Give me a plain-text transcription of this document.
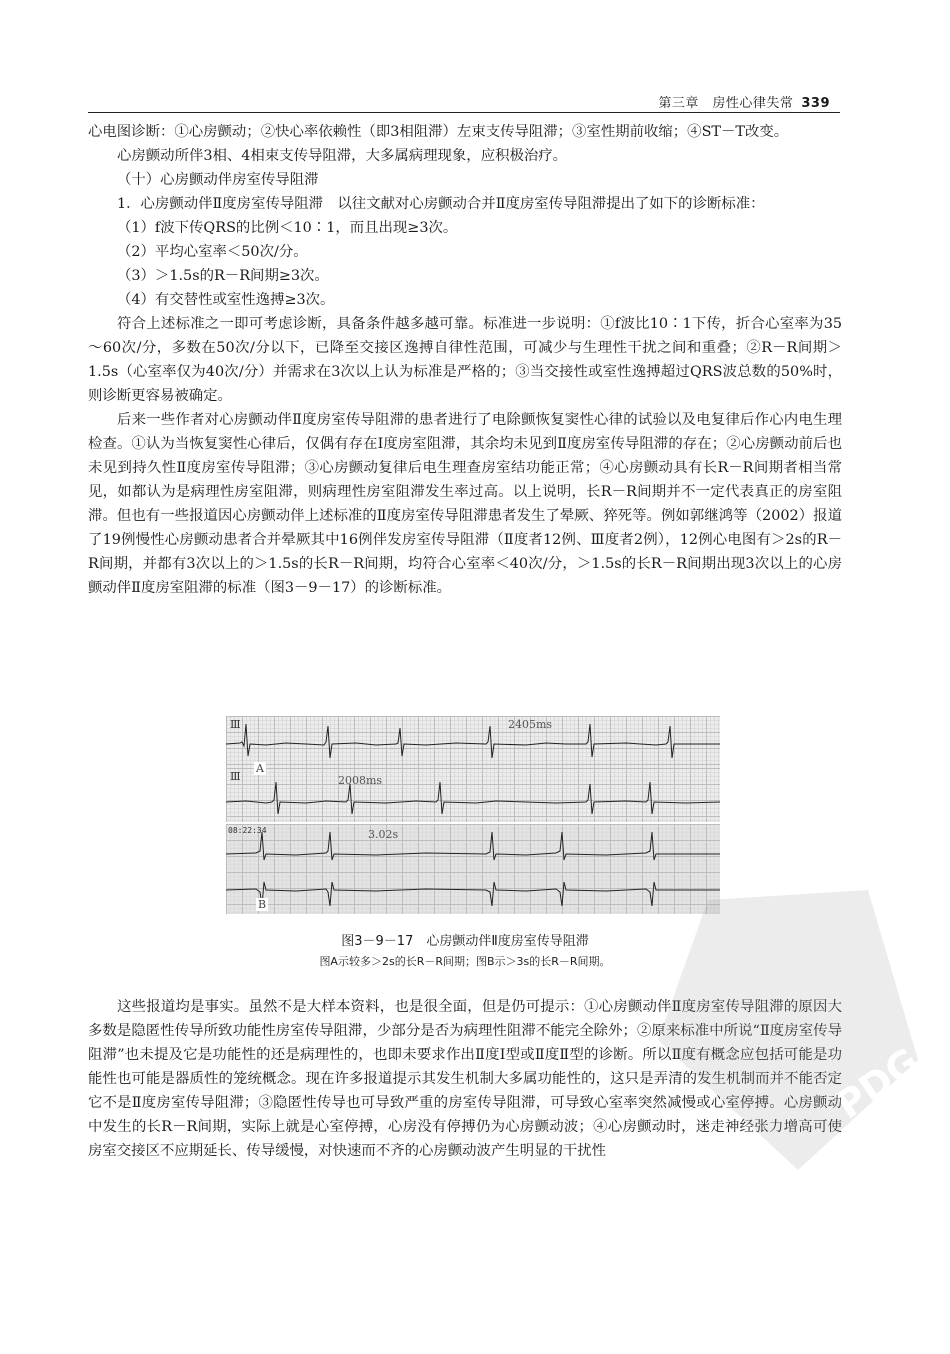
第三章　房性心律失常 339

心电图诊断：①心房颤动；②快心率依赖性（即3相阻滞）左束支传导阻滞；③室性期前收缩；④ST－T改变。

心房颤动所伴3相、4相束支传导阻滞，大多属病理现象，应积极治疗。

（十）心房颤动伴房室传导阻滞

1．心房颤动伴Ⅱ度房室传导阻滞　以往文献对心房颤动合并Ⅱ度房室传导阻滞提出了如下的诊断标准：

（1）f波下传QRS的比例＜10∶1，而且出现≥3次。

（2）平均心室率＜50次/分。

（3）＞1.5s的R－R间期≥3次。

（4）有交替性或室性逸搏≥3次。

符合上述标准之一即可考虑诊断，具备条件越多越可靠。标准进一步说明：①f波比10∶1下传，折合心室率为35～60次/分，多数在50次/分以下，已降至交接区逸搏自律性范围，可减少与生理性干扰之间和重叠；②R－R间期＞1.5s（心室率仅为40次/分）并需求在3次以上认为标准是严格的；③当交接性或室性逸搏超过QRS波总数的50%时，则诊断更容易被确定。

后来一些作者对心房颤动伴Ⅱ度房室传导阻滞的患者进行了电除颤恢复窦性心律的试验以及电复律后作心内电生理检查。①认为当恢复窦性心律后，仅偶有存在Ⅰ度房室阻滞，其余均未见到Ⅱ度房室传导阻滞的存在；②心房颤动前后也未见到持久性Ⅱ度房室传导阻滞；③心房颤动复律后电生理查房室结功能正常；④心房颤动具有长R－R间期者相当常见，如都认为是病理性房室阻滞，则病理性房室阻滞发生率过高。以上说明，长R－R间期并不一定代表真正的房室阻滞。但也有一些报道因心房颤动伴上述标准的Ⅱ度房室传导阻滞患者发生了晕厥、猝死等。例如郭继鸿等（2002）报道了19例慢性心房颤动患者合并晕厥其中16例伴发房室传导阻滞（Ⅱ度者12例、Ⅲ度者2例），12例心电图有＞2s的R－R间期，并都有3次以上的＞1.5s的长R－R间期，均符合心室率＜40次/分，＞1.5s的长R－R间期出现3次以上的心房颤动伴Ⅱ度房室阻滞的标准（图3－9－17）的诊断标准。

Ⅲ	2405ms
Ⅲ	2008ms
A
08:22:34	3.02s
B
图3－9－17　心房颤动伴Ⅱ度房室传导阻滞
图A示较多＞2s的长R－R间期；图B示＞3s的长R－R间期。

这些报道均是事实。虽然不是大样本资料，也是很全面，但是仍可提示：①心房颤动伴Ⅱ度房室传导阻滞的原因大多数是隐匿性传导所致功能性房室传导阻滞，少部分是否为病理性阻滞不能完全除外；②原来标准中所说“Ⅱ度房室传导阻滞”也未提及它是功能性的还是病理性的，也即未要求作出Ⅱ度Ⅰ型或Ⅱ度Ⅱ型的诊断。所以Ⅱ度有概念应包括可能是功能性也可能是器质性的笼统概念。现在许多报道提示其发生机制大多属功能性的，这只是弄清的发生机制而并不能否定它不是Ⅱ度房室传导阻滞；③隐匿性传导也可导致严重的房室传导阻滞，可导致心室率突然减慢或心室停搏。心房颤动中发生的长R－R间期，实际上就是心室停搏，心房没有停搏仍为心房颤动波；④心房颤动时，迷走神经张力增高可使房室交接区不应期延长、传导缓慢，对快速而不齐的心房颤动波产生明显的干扰性

PDG
